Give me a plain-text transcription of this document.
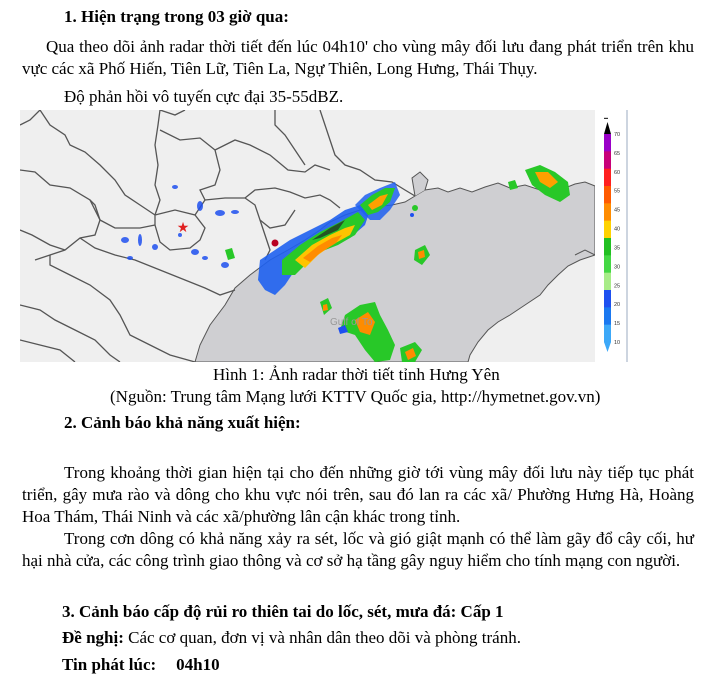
1. Hiện trạng trong 03 giờ qua:
Qua theo dõi ảnh radar thời tiết đến lúc 04h10' cho vùng mây đối lưu đang phát triển trên khu
vực các xã Phố Hiến, Tiên Lữ, Tiên La, Ngự Thiên, Long Hưng, Thái Thụy.
Độ phản hồi vô tuyến cực đại 35-55dBZ.
★
Gulf of To
▬
70
65
60
55
45
40
35
30
25
20
15
10
Hình 1: Ảnh radar thời tiết tỉnh Hưng Yên
(Nguồn: Trung tâm Mạng lưới KTTV Quốc gia, http://hymetnet.gov.vn)
2. Cảnh báo khả năng xuất hiện:
Trong khoảng thời gian hiện tại cho đến những giờ tới vùng mây đối lưu này tiếp tục phát
triển, gây mưa rào và dông cho khu vực nói trên, sau đó lan ra các xã/ Phường Hưng Hà, Hoàng
Hoa Thám, Thái Ninh và các xã/phường lân cận khác trong tỉnh.
Trong cơn dông có khả năng xảy ra sét, lốc và gió giật mạnh có thể làm gãy đổ cây cối, hư
hại nhà cửa, các công trình giao thông và cơ sở hạ tầng gây nguy hiểm cho tính mạng con người.
3. Cảnh báo cấp độ rủi ro thiên tai do lốc, sét, mưa đá: Cấp 1
Đề nghị: Các cơ quan, đơn vị và nhân dân theo dõi và phòng tránh.
Tin phát lúc: 04h10
